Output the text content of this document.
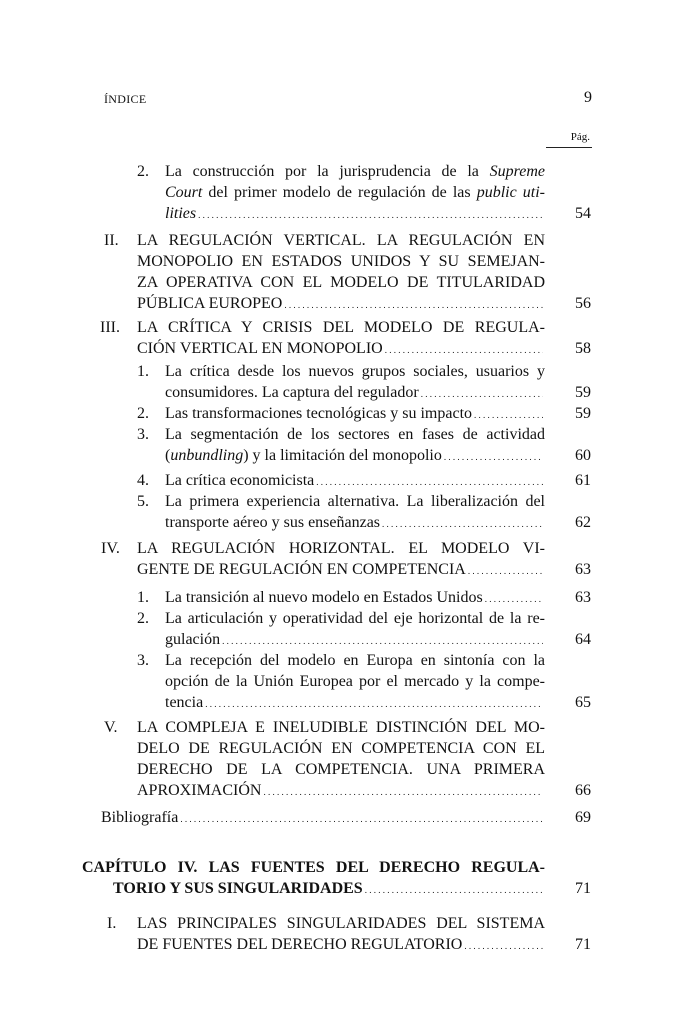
ÍNDICE	9
Pág.
2. La construcción por la jurisprudencia de la Supreme
Court del primer modelo de regulación de las public uti-
lities . . .	54
II. LA REGULACIÓN VERTICAL. LA REGULACIÓN EN
MONOPOLIO EN ESTADOS UNIDOS Y SU SEMEJAN-
ZA OPERATIVA CON EL MODELO DE TITULARIDAD
PÚBLICA EUROPEO . . .	56
III. LA CRÍTICA Y CRISIS DEL MODELO DE REGULA-
CIÓN VERTICAL EN MONOPOLIO . . .	58
1. La crítica desde los nuevos grupos sociales, usuarios y
consumidores. La captura del regulador . . .	59
2. Las transformaciones tecnológicas y su impacto . . .	59
3. La segmentación de los sectores en fases de actividad
(unbundling) y la limitación del monopolio . . .	60
4. La crítica economicista . . .	61
5. La primera experiencia alternativa. La liberalización del
transporte aéreo y sus enseñanzas . . .	62
IV. LA REGULACIÓN HORIZONTAL. EL MODELO VI-
GENTE DE REGULACIÓN EN COMPETENCIA . . .	63
1. La transición al nuevo modelo en Estados Unidos . . .	63
2. La articulación y operatividad del eje horizontal de la re-
gulación . . .	64
3. La recepción del modelo en Europa en sintonía con la
opción de la Unión Europea por el mercado y la compe-
tencia . . .	65
V. LA COMPLEJA E INELUDIBLE DISTINCIÓN DEL MO-
DELO DE REGULACIÓN EN COMPETENCIA CON EL
DERECHO DE LA COMPETENCIA. UNA PRIMERA
APROXIMACIÓN . . .	66
Bibliografía . . .	69
CAPÍTULO IV. LAS FUENTES DEL DERECHO REGULA-
TORIO Y SUS SINGULARIDADES . . .	71
I. LAS PRINCIPALES SINGULARIDADES DEL SISTEMA
DE FUENTES DEL DERECHO REGULATORIO . . .	71
